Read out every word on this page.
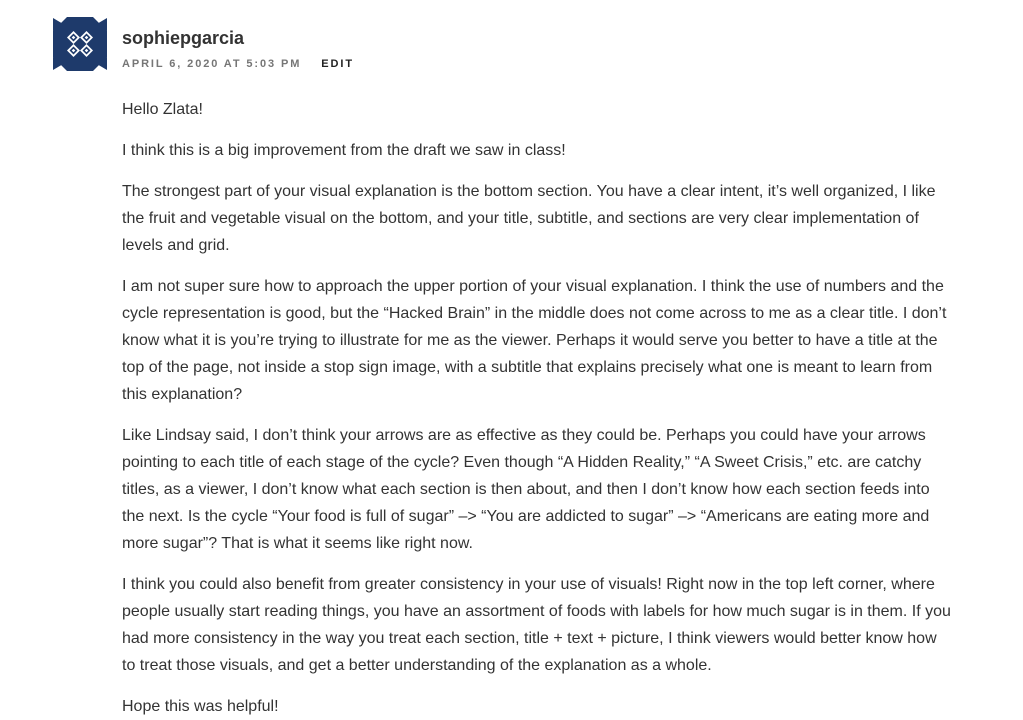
sophiepgarcia
APRIL 6, 2020 AT 5:03 PM EDIT

Hello Zlata!

I think this is a big improvement from the draft we saw in class!

The strongest part of your visual explanation is the bottom section. You have a clear intent, it’s well organized, I like the fruit and vegetable visual on the bottom, and your title, subtitle, and sections are very clear implementation of levels and grid.

I am not super sure how to approach the upper portion of your visual explanation. I think the use of numbers and the cycle representation is good, but the “Hacked Brain” in the middle does not come across to me as a clear title. I don’t know what it is you’re trying to illustrate for me as the viewer. Perhaps it would serve you better to have a title at the top of the page, not inside a stop sign image, with a subtitle that explains precisely what one is meant to learn from this explanation?

Like Lindsay said, I don’t think your arrows are as effective as they could be. Perhaps you could have your arrows pointing to each title of each stage of the cycle? Even though “A Hidden Reality,” “A Sweet Crisis,” etc. are catchy titles, as a viewer, I don’t know what each section is then about, and then I don’t know how each section feeds into the next. Is the cycle “Your food is full of sugar” –> “You are addicted to sugar” –> “Americans are eating more and more sugar”? That is what it seems like right now.

I think you could also benefit from greater consistency in your use of visuals! Right now in the top left corner, where people usually start reading things, you have an assortment of foods with labels for how much sugar is in them. If you had more consistency in the way you treat each section, title + text + picture, I think viewers would better know how to treat those visuals, and get a better understanding of the explanation as a whole.

Hope this was helpful!
